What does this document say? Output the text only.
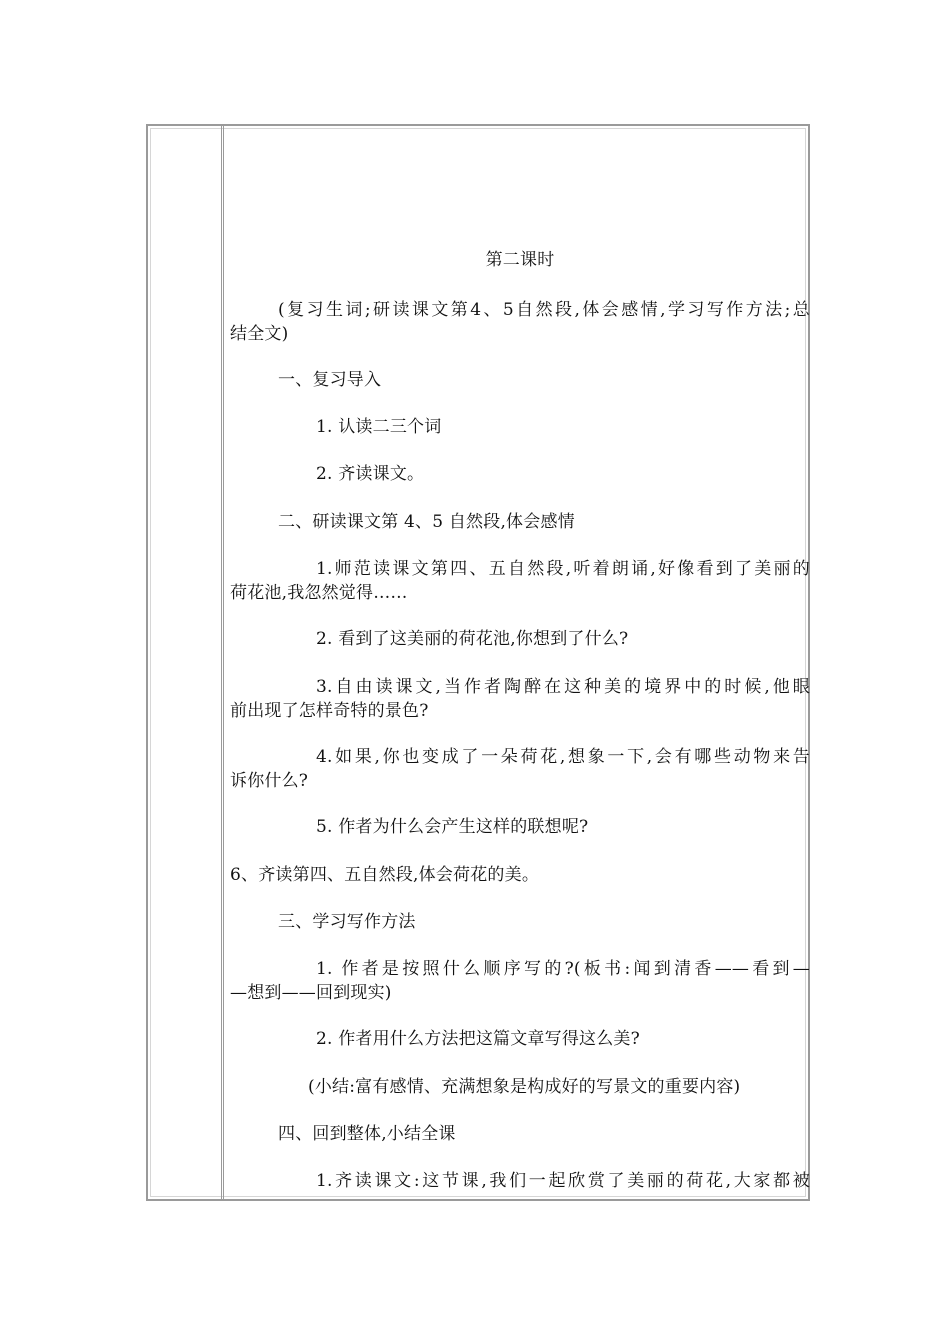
第二课时

(复习生词;研读课文第4、5自然段,体会感情,学习写作方法;总

结全文)

一、复习导入

1. 认读二三个词

2. 齐读课文。

二、研读课文第 4、5 自然段,体会感情

1.师范读课文第四、五自然段,听着朗诵,好像看到了美丽的

荷花池,我忽然觉得……

2. 看到了这美丽的荷花池,你想到了什么?

3.自由读课文,当作者陶醉在这种美的境界中的时候,他眼

前出现了怎样奇特的景色?

4.如果,你也变成了一朵荷花,想象一下,会有哪些动物来告

诉你什么?

5. 作者为什么会产生这样的联想呢?

6、齐读第四、五自然段,体会荷花的美。

三、学习写作方法

1. 作者是按照什么顺序写的?(板书:闻到清香——看到—

—想到——回到现实)

2. 作者用什么方法把这篇文章写得这么美?

(小结:富有感情、充满想象是构成好的写景文的重要内容)

四、回到整体,小结全课

1.齐读课文:这节课,我们一起欣赏了美丽的荷花,大家都被
